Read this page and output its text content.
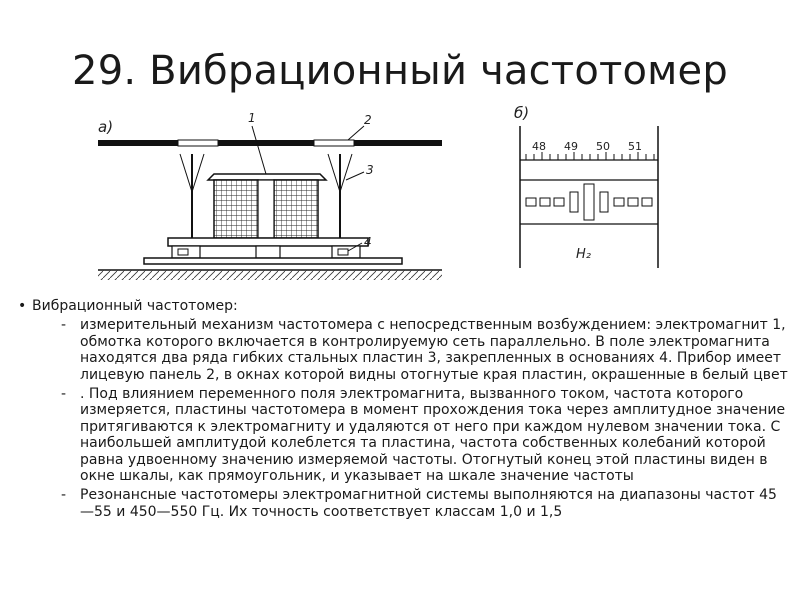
29. Вибрационный частотомер
а)	1	2
3
4
б)
48 49 50 51
Н₂
• Вибрационный частотомер:
- измерительный механизм частотомера с непосредственным возбуждением: электромагнит 1, обмотка которого включается в контролируемую сеть параллельно. В поле электромагнита находятся два ряда гибких стальных пластин 3, закрепленных в основаниях 4. Прибор имеет лицевую панель 2, в окнах которой видны отогнутые края пластин, окрашенные в белый цвет
- . Под влиянием переменного поля электромагнита, вызванного током, частота которого измеряется, пластины частотомера в момент прохождения тока через амплитудное значение притягиваются к электромагниту и удаляются от него при каждом нулевом значении тока. С наибольшей амплитудой колеблется та пластина, частота собственных колебаний которой равна удвоенному значению измеряемой частоты. Отогнутый конец этой пластины виден в окне шкалы, как прямоугольник, и указывает на шкале значение частоты
- Резонансные частотомеры электромагнитной системы выполняются на диапазоны частот 45—55 и 450—550 Гц. Их точность соответствует классам 1,0 и 1,5
